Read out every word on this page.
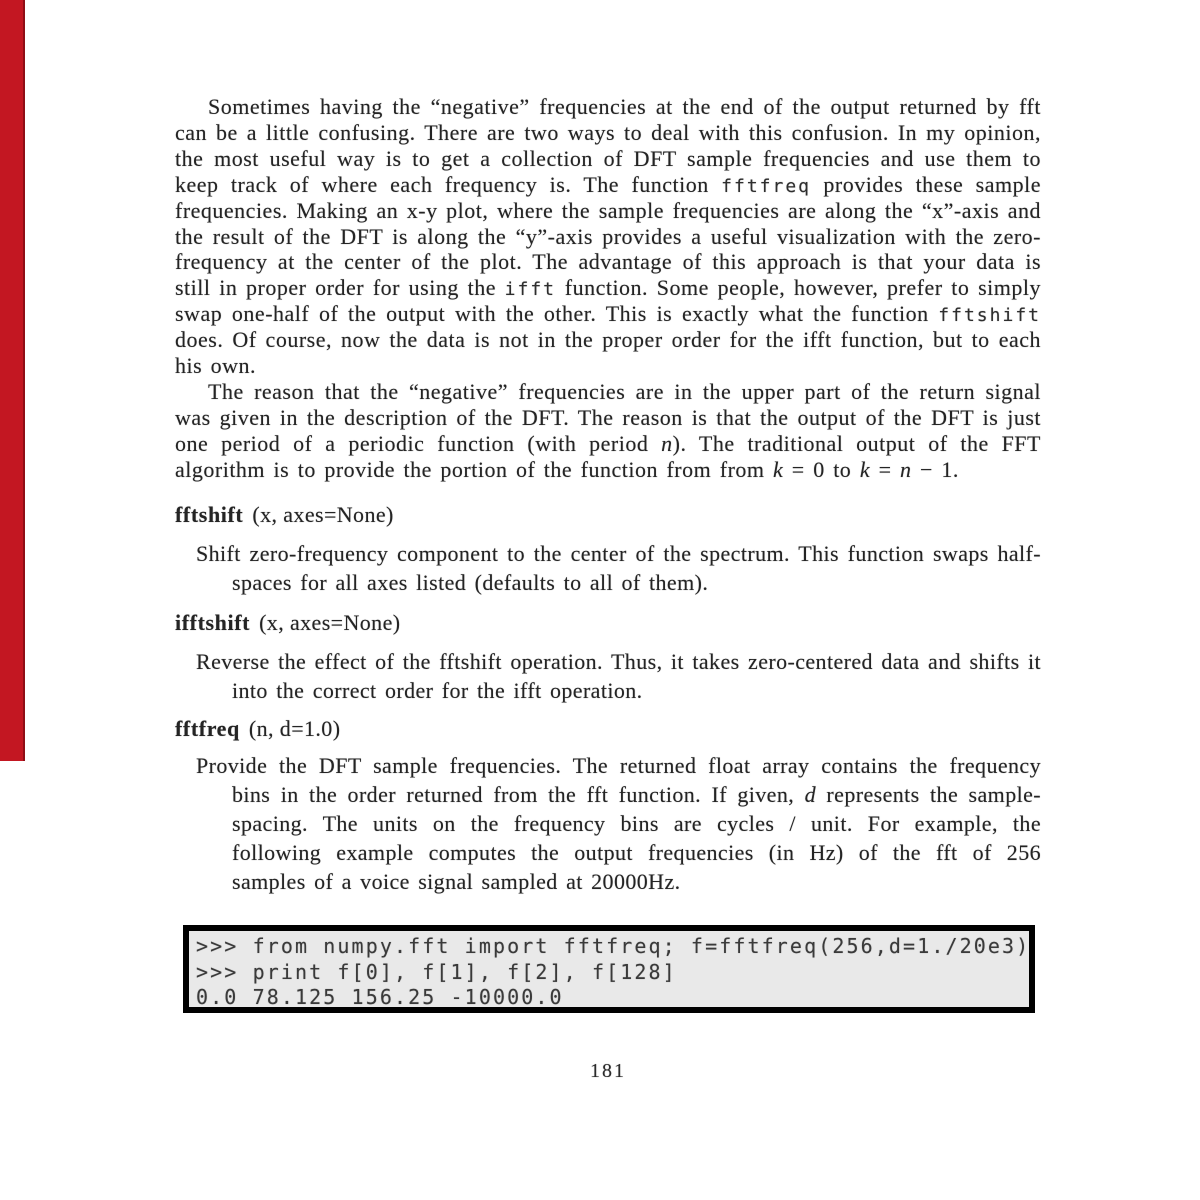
Sometimes having the “negative” frequencies at the end of the output returned by fft can be a little confusing. There are two ways to deal with this confusion. In my opinion, the most useful way is to get a collection of DFT sample frequencies and use them to keep track of where each frequency is. The function fftfreq provides these sample frequencies. Making an x-y plot, where the sample frequencies are along the “x”-axis and the result of the DFT is along the “y”-axis provides a useful visualization with the zero-frequency at the center of the plot. The advantage of this approach is that your data is still in proper order for using the ifft function. Some people, however, prefer to simply swap one-half of the output with the other. This is exactly what the function fftshift does. Of course, now the data is not in the proper order for the ifft function, but to each his own.

The reason that the “negative” frequencies are in the upper part of the return signal was given in the description of the DFT. The reason is that the output of the DFT is just one period of a periodic function (with period n). The traditional output of the FFT algorithm is to provide the portion of the function from from k = 0 to k = n − 1.

fftshift (x, axes=None)

Shift zero-frequency component to the center of the spectrum. This function swaps half-spaces for all axes listed (defaults to all of them).

ifftshift (x, axes=None)

Reverse the effect of the fftshift operation. Thus, it takes zero-centered data and shifts it into the correct order for the ifft operation.

fftfreq (n, d=1.0)

Provide the DFT sample frequencies. The returned float array contains the frequency bins in the order returned from the fft function. If given, d represents the sample-spacing. The units on the frequency bins are cycles / unit. For example, the following example computes the output frequencies (in Hz) of the fft of 256 samples of a voice signal sampled at 20000Hz.

>>> from numpy.fft import fftfreq; f=fftfreq(256,d=1./20e3)
>>> print f[0], f[1], f[2], f[128]
0.0 78.125 156.25 -10000.0
181
